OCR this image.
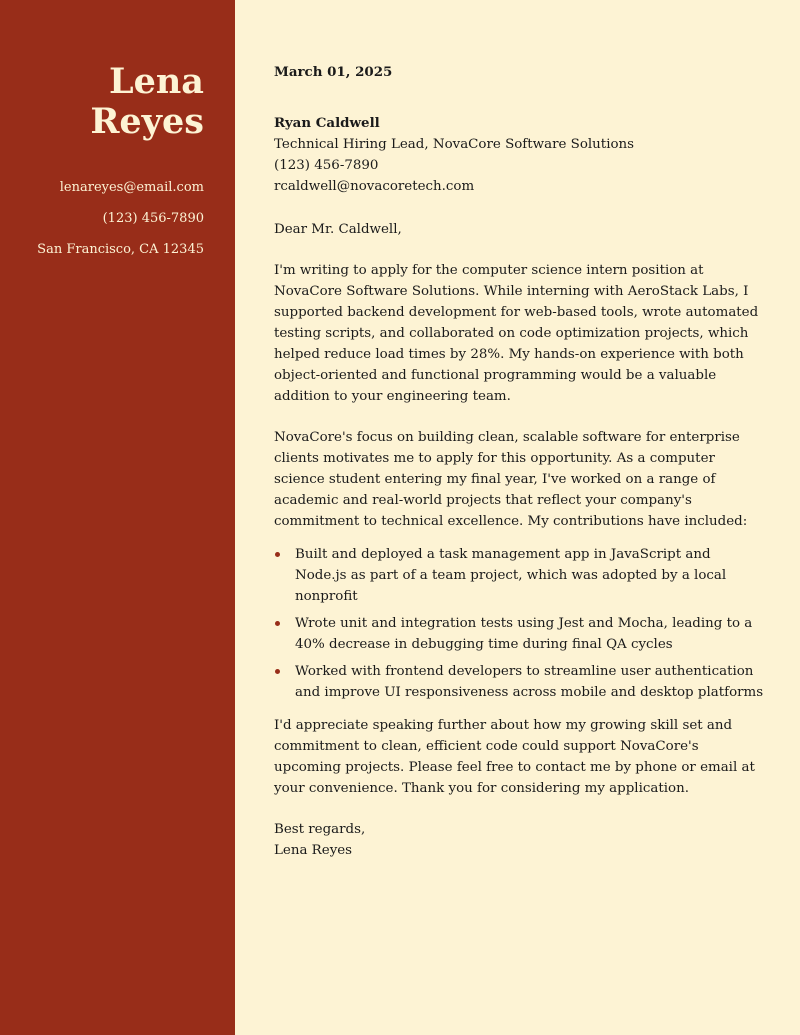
Lena
Reyes
lenareyes@email.com
(123) 456-7890
San Francisco, CA 12345
March 01, 2025
Ryan Caldwell
Technical Hiring Lead, NovaCore Software Solutions
(123) 456-7890
rcaldwell@novacoretech.com

Dear Mr. Caldwell,

I'm writing to apply for the computer science intern position at NovaCore Software Solutions. While interning with AeroStack Labs, I supported backend development for web-based tools, wrote automated testing scripts, and collaborated on code optimization projects, which helped reduce load times by 28%. My hands-on experience with both object-oriented and functional programming would be a valuable addition to your engineering team.

NovaCore's focus on building clean, scalable software for enterprise clients motivates me to apply for this opportunity. As a computer science student entering my final year, I've worked on a range of academic and real-world projects that reflect your company's commitment to technical excellence. My contributions have included:

Built and deployed a task management app in JavaScript and Node.js as part of a team project, which was adopted by a local nonprofit
Wrote unit and integration tests using Jest and Mocha, leading to a 40% decrease in debugging time during final QA cycles
Worked with frontend developers to streamline user authentication and improve UI responsiveness across mobile and desktop platforms

I'd appreciate speaking further about how my growing skill set and commitment to clean, efficient code could support NovaCore's upcoming projects. Please feel free to contact me by phone or email at your convenience. Thank you for considering my application.

Best regards,
Lena Reyes
